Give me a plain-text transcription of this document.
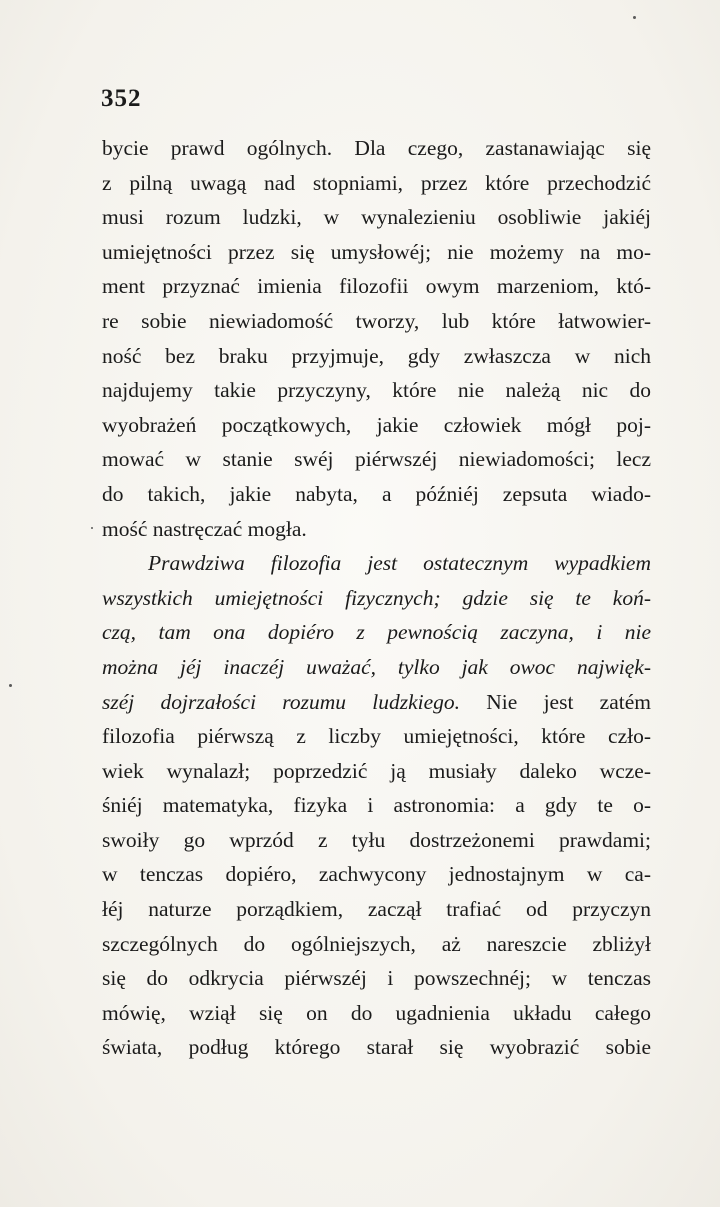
352

bycie prawd ogólnych. Dla czego, zastanawiając się
z pilną uwagą nad stopniami, przez które przechodzić
musi rozum ludzki, w wynalezieniu osobliwie jakiéj
umiejętności przez się umysłowéj; nie możemy na mo-
ment przyznać imienia filozofii owym marzeniom, któ-
re sobie niewiadomość tworzy, lub które łatwowier-
ność bez braku przyjmuje, gdy zwłaszcza w nich
najdujemy takie przyczyny, które nie należą nic do
wyobrażeń początkowych, jakie człowiek mógł poj-
mować w stanie swéj piérwszéj niewiadomości; lecz
do takich, jakie nabyta, a późniéj zepsuta wiado-
mość nastręczać mogła.
Prawdziwa filozofia jest ostatecznym wypadkiem
wszystkich umiejętności fizycznych; gdzie się te koń-
czą, tam ona dopiéro z pewnością zaczyna, i nie
można jéj inaczéj uważać, tylko jak owoc najwięk-
széj dojrzałości rozumu ludzkiego. Nie jest zatém
filozofia piérwszą z liczby umiejętności, które czło-
wiek wynalazł; poprzedzić ją musiały daleko wcze-
śniéj matematyka, fizyka i astronomia: a gdy te o-
swoiły go wprzód z tyłu dostrzeżonemi prawdami;
w tenczas dopiéro, zachwycony jednostajnym w ca-
łéj naturze porządkiem, zaczął trafiać od przyczyn
szczególnych do ogólniejszych, aż nareszcie zbliżył
się do odkrycia piérwszéj i powszechnéj; w tenczas
mówię, wziął się on do ugadnienia układu całego
świata, podług którego starał się wyobrazić sobie
